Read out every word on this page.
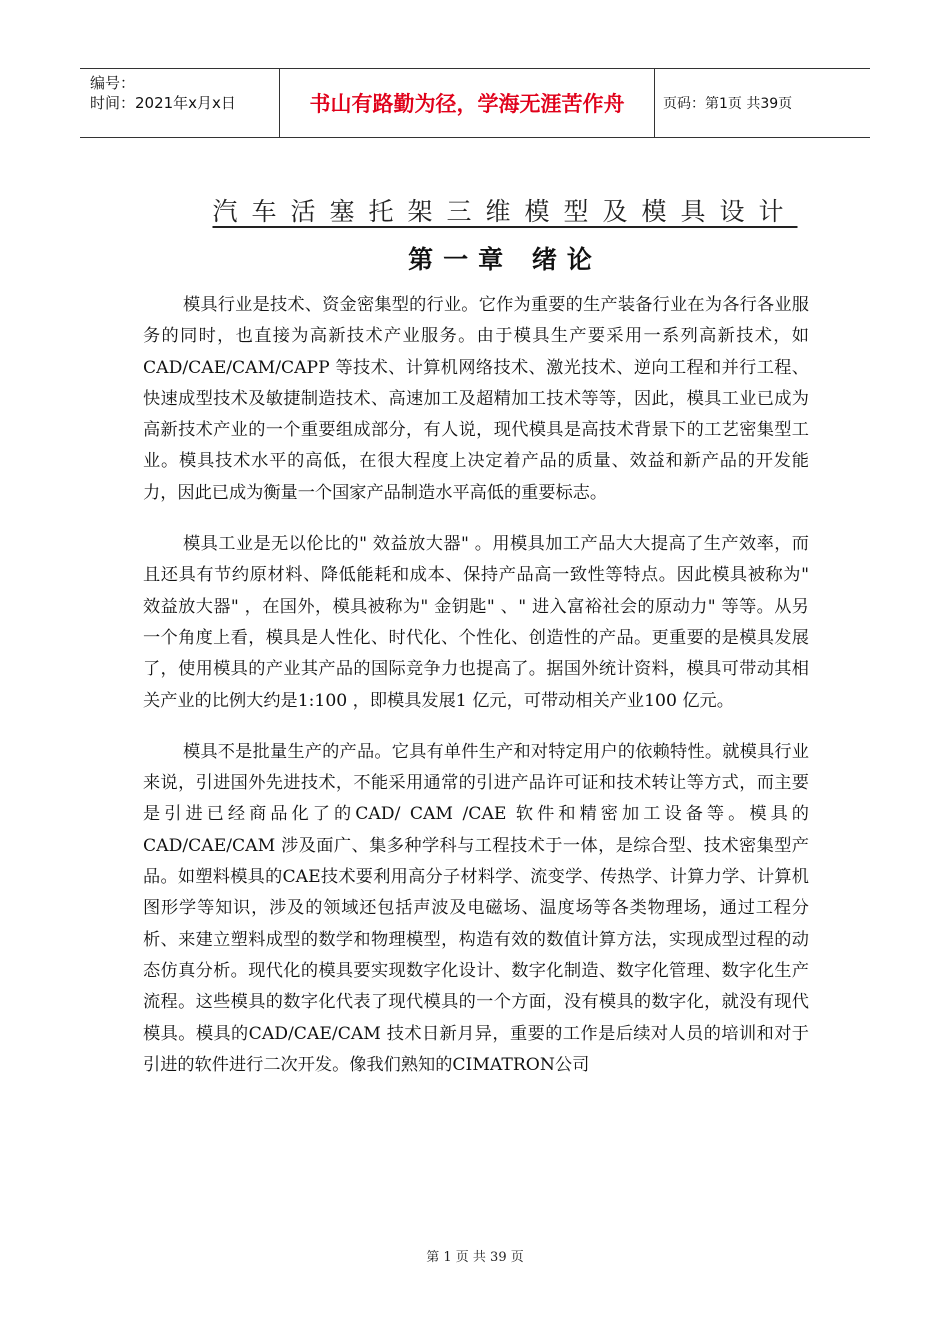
编号：
时间：2021年x月x日	书山有路勤为径，学海无涯苦作舟	页码：第1页 共39页
汽车活塞托架三维模型及模具设计
第一章 绪论

模具行业是技术、资金密集型的行业。它作为重要的生产装备行业在为各行各业服务的同时，也直接为高新技术产业服务。由于模具生产要采用一系列高新技术，如CAD/CAE/CAM/CAPP 等技术、计算机网络技术、激光技术、逆向工程和并行工程、快速成型技术及敏捷制造技术、高速加工及超精加工技术等等，因此，模具工业已成为高新技术产业的一个重要组成部分，有人说，现代模具是高技术背景下的工艺密集型工业。模具技术水平的高低，在很大程度上决定着产品的质量、效益和新产品的开发能力，因此已成为衡量一个国家产品制造水平高低的重要标志。

模具工业是无以伦比的" 效益放大器" 。用模具加工产品大大提高了生产效率，而且还具有节约原材料、降低能耗和成本、保持产品高一致性等特点。因此模具被称为" 效益放大器" ，在国外，模具被称为" 金钥匙" 、" 进入富裕社会的原动力" 等等。从另一个角度上看，模具是人性化、时代化、个性化、创造性的产品。更重要的是模具发展了，使用模具的产业其产品的国际竞争力也提高了。据国外统计资料，模具可带动其相关产业的比例大约是1:100 ，即模具发展1 亿元，可带动相关产业100 亿元。

模具不是批量生产的产品。它具有单件生产和对特定用户的依赖特性。就模具行业来说，引进国外先进技术，不能采用通常的引进产品许可证和技术转让等方式，而主要是引进已经商品化了的CAD/ CAM /CAE 软件和精密加工设备等。模具的CAD/CAE/CAM 涉及面广、集多种学科与工程技术于一体，是综合型、技术密集型产品。如塑料模具的CAE技术要利用高分子材料学、流变学、传热学、计算力学、计算机图形学等知识，涉及的领域还包括声波及电磁场、温度场等各类物理场，通过工程分析、来建立塑料成型的数学和物理模型，构造有效的数值计算方法，实现成型过程的动态仿真分析。现代化的模具要实现数字化设计、数字化制造、数字化管理、数字化生产流程。这些模具的数字化代表了现代模具的一个方面，没有模具的数字化，就没有现代模具。模具的CAD/CAE/CAM 技术日新月异，重要的工作是后续对人员的培训和对于引进的软件进行二次开发。像我们熟知的CIMATRON公司

第 1 页 共 39 页
